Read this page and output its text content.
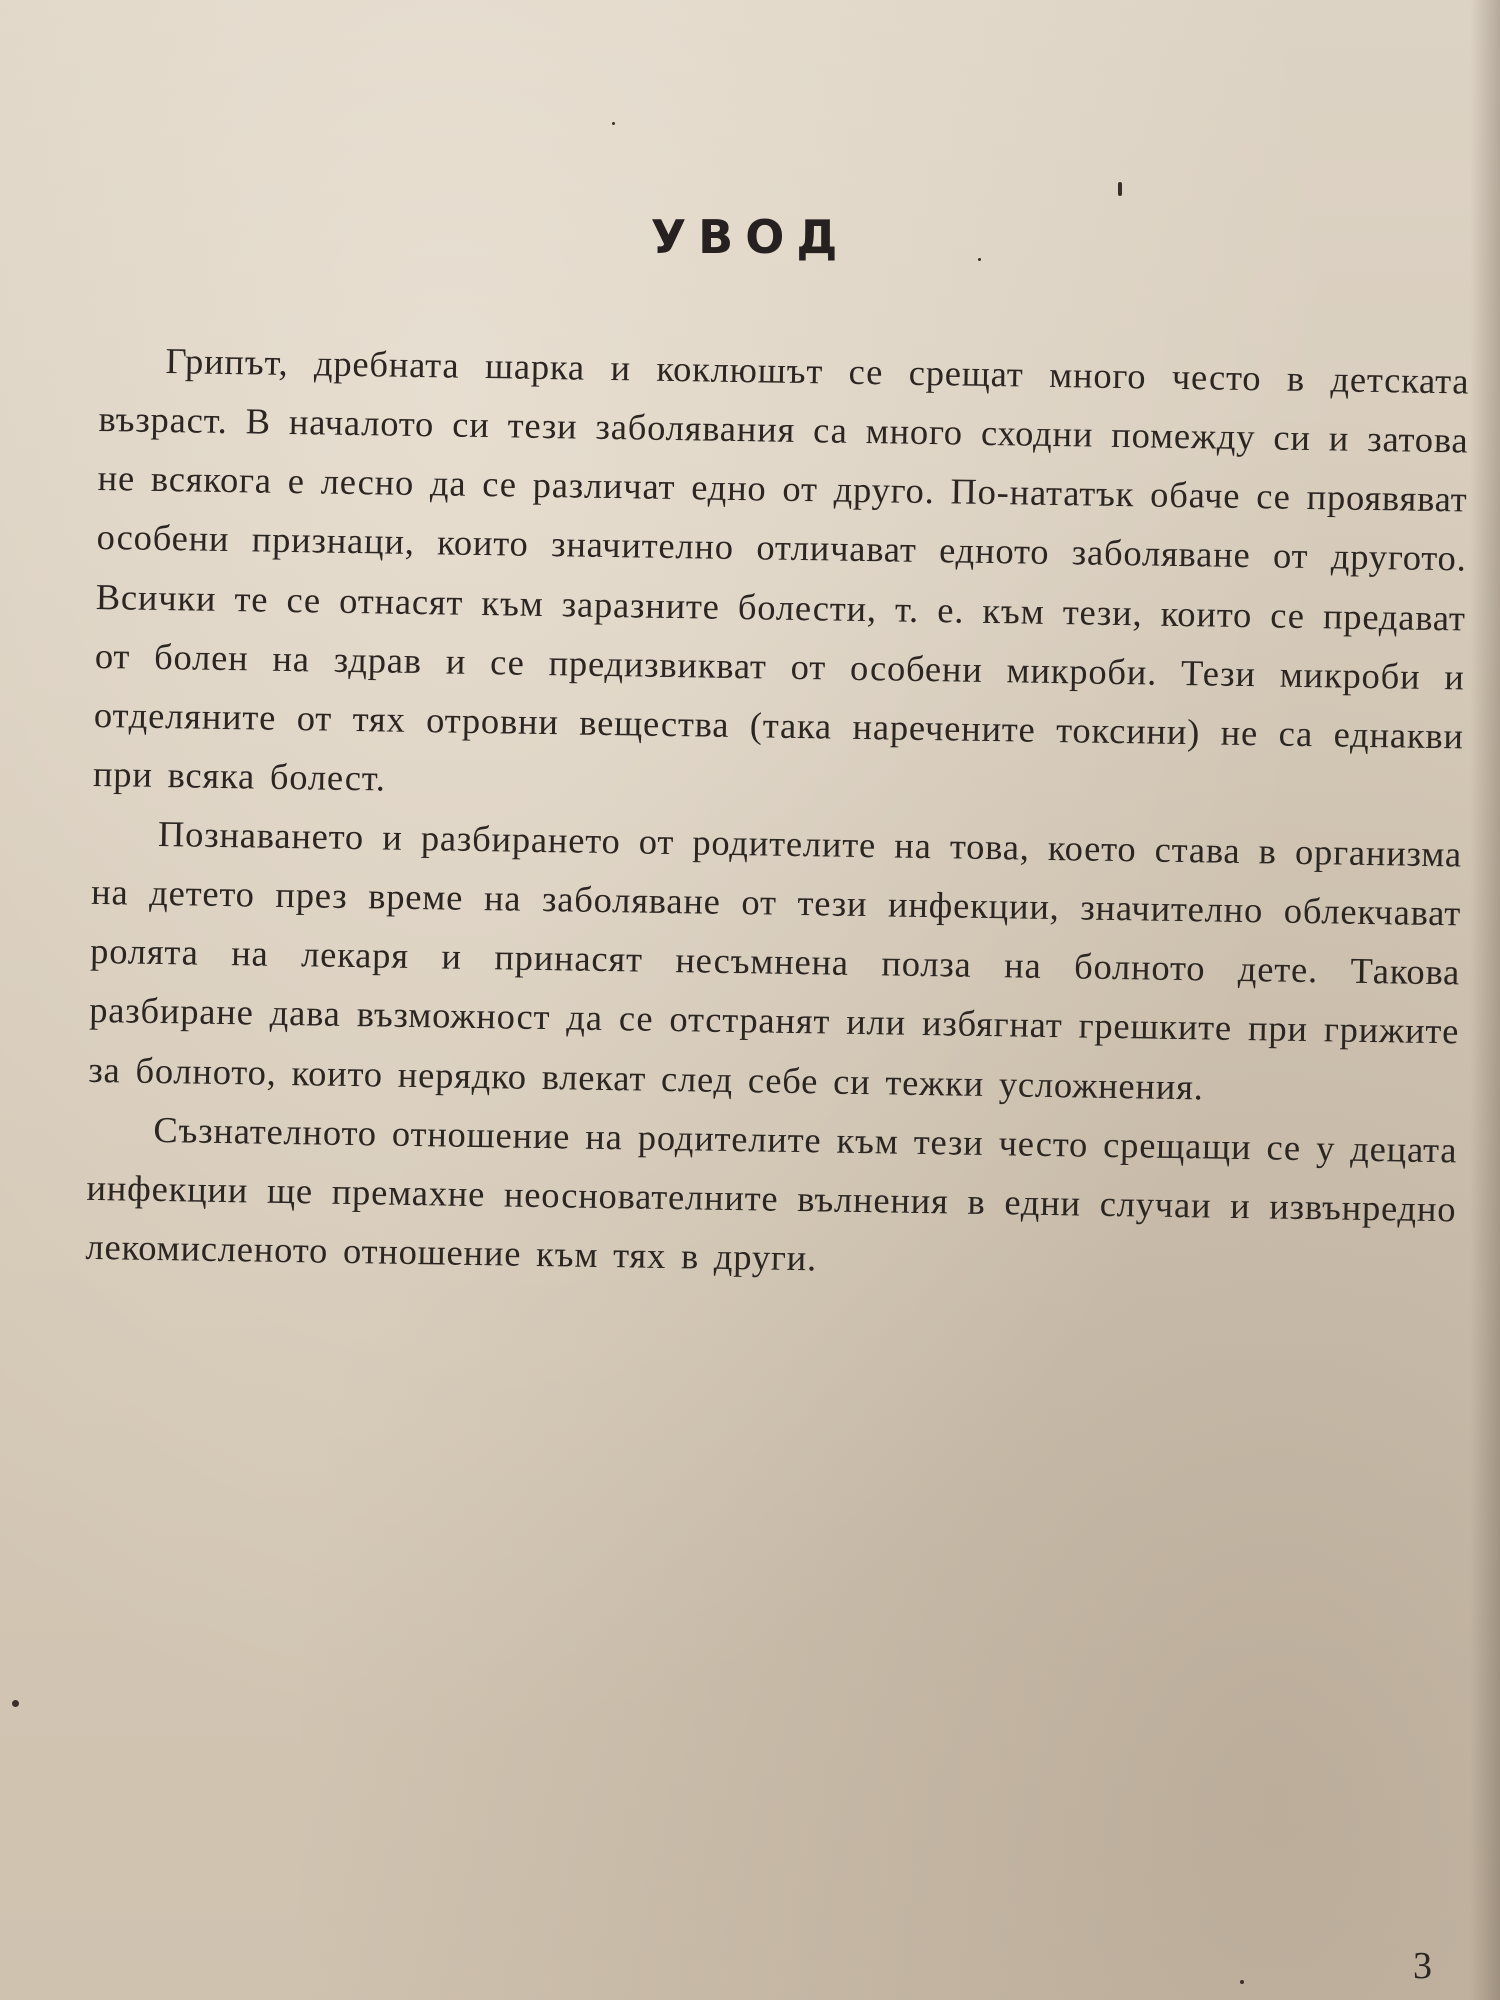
УВОД

Грипът, дребната шарка и коклюшът се срещат много често в детската възраст. В началото си тези заболявания са много сходни помежду си и затова не всякога е лесно да се различат едно от друго. По-нататък обаче се проявяват особени признаци, които значително отличават едното заболяване от другото. Всички те се отнасят към заразните болести, т. е. към тези, които се предават от болен на здрав и се предизвикват от особени микроби. Тези микроби и отделяните от тях отровни вещества (така наречените токсини) не са еднакви при всяка болест.

Познаването и разбирането от родителите на това, което става в организма на детето през време на заболяване от тези инфекции, значително облекчават ролята на лекаря и принасят несъмнена полза на болното дете. Такова разбиране дава възможност да се отстранят или избягнат грешките при грижите за болното, които нерядко влекат след себе си тежки усложнения.

Съзнателното отношение на родителите към тези често срещащи се у децата инфекции ще премахне неоснователните вълнения в едни случаи и извънредно лекомисленото отношение към тях в други.

3
